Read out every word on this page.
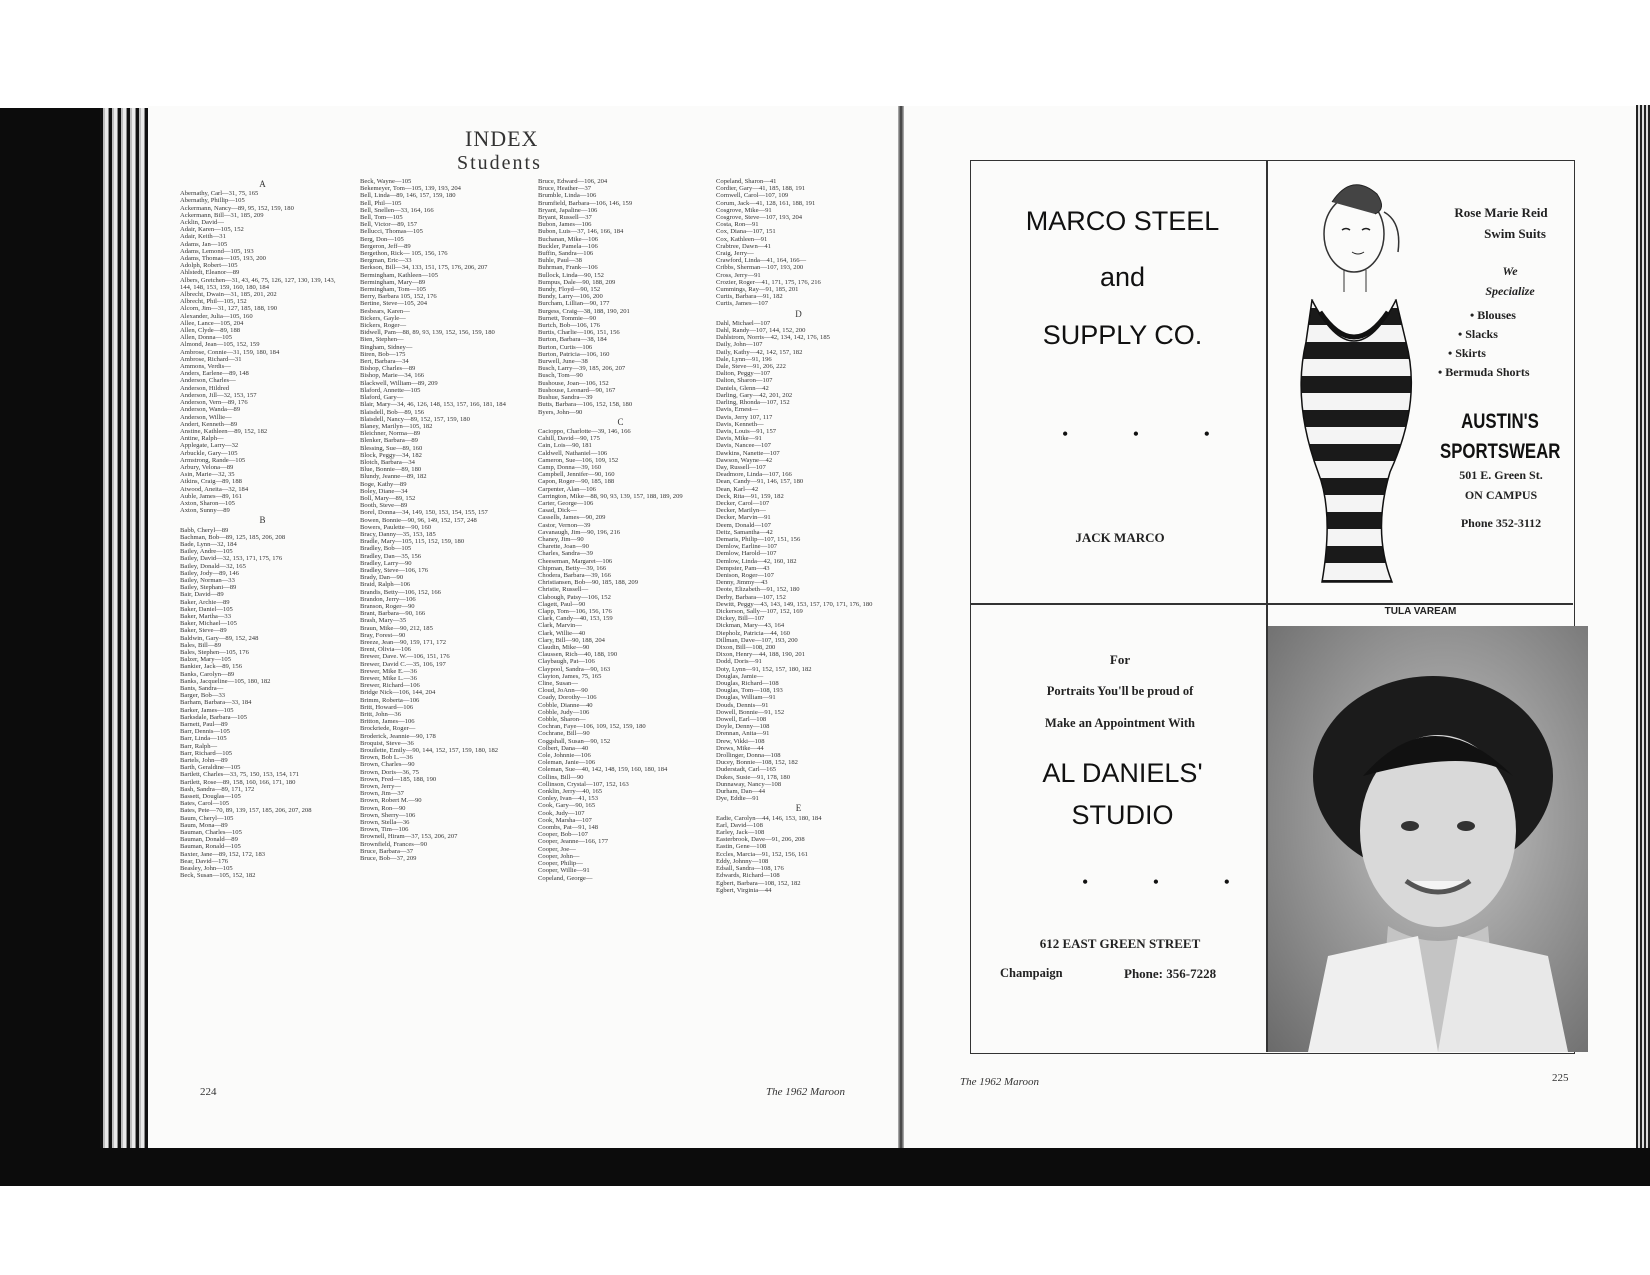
INDEX
Students
A
Abernathy, Carl—31, 75, 165
Abernathy, Phillip—105
Ackermann, Nancy—89, 95, 152, 159, 180
Ackermann, Bill—31, 185, 209
Acklin, David—
Adair, Karen—105, 152
Adair, Keith—31
Adams, Jan—105
Adams, Lemond—105, 193
Adams, Thomas—105, 193, 200
Adolph, Robert—105
Ahlstedt, Eleanor—89
Albers, Gretchen—31, 43, 46, 75, 126, 127, 130, 139, 143, 144, 148, 153, 159, 160, 180, 184
Albrecht, Dwain—31, 185, 201, 202
Albrecht, Phil—105, 152
Alcorn, Jim—31, 127, 185, 188, 190
Alexander, Julia—105, 160
Allee, Lance—105, 204
Allen, Clyde—89, 188
Allen, Donna—105
Almond, Jean—105, 152, 159
Ambrose, Connie—31, 159, 180, 184
Ambrose, Richard—31
Ammons, Verdis—
Anders, Earlene—89, 148
Anderson, Charles—
Anderson, Hildred
Anderson, Jill—32, 153, 157
Anderson, Vern—89, 176
Anderson, Wanda—89
Anderson, Willie—
Andert, Kenneth—89
Anstine, Kathleen—89, 152, 182
Antine, Ralph—
Applegate, Larry—32
Arbuckle, Gary—105
Armstrong, Rande—105
Arbury, Velona—89
Asin, Marie—32, 35
Atkins, Craig—89, 188
Atwood, Aneita—32, 184
Auble, James—89, 161
Axton, Sharon—105
Axton, Sunny—89
B
Babb, Cheryl—89
Bachman, Bob—89, 125, 185, 206, 208
Bade, Lynn—32, 184
Bailey, Andre—105
Bailey, David—32, 153, 171, 175, 176
Bailey, Donald—32, 165
Bailey, Jody—89, 146
Bailey, Norman—33
Bailey, Stephani—89
Bair, David—89
Baker, Archie—89
Baker, Daniel—105
Baker, Martha—33
Baker, Michael—105
Baker, Steve—89
Baldwin, Gary—89, 152, 248
Bales, Bill—89
Bales, Stephen—105, 176
Balzer, Mary—105
Bankier, Jack—89, 156
Banks, Carolyn—89
Banks, Jacqueline—105, 180, 182
Bants, Sandra—
Barger, Bob—33
Barham, Barbara—33, 184
Barker, James—105
Barksdale, Barbara—105
Barnett, Paul—89
Barr, Dennis—105
Barr, Linda—105
Barr, Ralph—
Barr, Richard—105
Bartels, John—89
Barth, Geraldine—105
Bartlett, Charles—33, 75, 150, 153, 154, 171
Bartlett, Rose—89, 158, 160, 166, 171, 180
Bash, Sandra—89, 171, 172
Bassett, Douglas—105
Bates, Carol—105
Bates, Pete—70, 89, 139, 157, 185, 206, 207, 208
Baum, Cheryl—105
Baum, Mona—89
Bauman, Charles—105
Bauman, Donald—89
Bauman, Ronald—105
Baxter, Jane—89, 152, 172, 183
Bear, David—176
Beasley, John—105
Beck, Susan—105, 152, 182
Beck, Wayne—105
Bekemeyer, Tom—105, 139, 193, 204
Bell, Linda—89, 146, 157, 159, 180
Bell, Phil—105
Bell, Snellen—33, 164, 166
Bell, Tom—105
Bell, Victor—89, 157
Bellucci, Thomas—105
Berg, Don—105
Bergeron, Jeff—89
Bergethon, Rick— 105, 156, 176
Bergman, Eric—33
Berkson, Bill—34, 133, 151, 175, 176, 206, 207
Bermingham, Kathleen—105
Bermingham, Mary—89
Bermingham, Tom—105
Berry, Barbara 105, 152, 176
Bertine, Steve—105, 204
Besbears, Karen—
Bickers, Gayle—
Bickers, Roger—
Bidwell, Pam—88, 89, 93, 139, 152, 156, 159, 180
Bien, Stephen—
Bingham, Sidney—
Biren, Bob—175
Bert, Barbara—34
Bishop, Charles—89
Bishop, Marie—34, 166
Blackwell, William—89, 209
Blaford, Annette—105
Blaford, Gary—
Blair, Mary—34, 46, 126, 148, 153, 157, 166, 181, 184
Blaisdell, Bob—89, 156
Blaisdell, Nancy—89, 152, 157, 159, 180
Blaney, Marilyn—105, 182
Bleichner, Norma—89
Blenker, Barbara—89
Blessing, Sue—89, 160
Block, Peggy—34, 182
Blotch, Barbara—34
Blue, Bonnie—89, 180
Blundy, Jeanne—89, 182
Boge, Kathy—89
Boley, Diane—34
Boll, Mary—89, 152
Booth, Steve—89
Borel, Donna—34, 149, 150, 153, 154, 155, 157
Bowen, Bonnie—90, 96, 149, 152, 157, 248
Bowers, Paulette—90, 160
Bracy, Danny—35, 153, 185
Bradle, Mary—105, 115, 152, 159, 180
Bradley, Bob—105
Bradley, Dan—35, 156
Bradley, Larry—90
Bradley, Steve—106, 176
Brady, Dan—90
Braid, Ralph—106
Brandis, Betty—106, 152, 166
Brandon, Jerry—106
Branson, Roger—90
Brant, Barbara—90, 166
Brash, Mary—35
Braun, Mike—90, 212, 185
Bray, Forest—90
Breeze, Jean—90, 159, 171, 172
Brent, Olivia—106
Brewer, Dave. W.—106, 151, 176
Brewer, David C.—35, 106, 197
Brewer, Mike E.—36
Brewer, Mike L.—36
Brewer, Richard—106
Bridge Nick—106, 144, 204
Brimm, Roberta—106
Britt, Howard—106
Britt, John—36
Britton, James—106
Brockriede, Roger—
Broderick, Jeannie—90, 178
Broquist, Steve—36
Brouilette, Emily—90, 144, 152, 157, 159, 180, 182
Brown, Bob L.—36
Brown, Charles—90
Brown, Doris—36, 75
Brown, Fred—185, 188, 190
Brown, Jerry—
Brown, Jim—37
Brown, Robert M.—90
Brown, Ron—90
Brown, Sherry—106
Brown, Stella—36
Brown, Tim—106
Brownell, Hiram—37, 153, 206, 207
Brownfield, Frances—90
Bruce, Barbara—37
Bruce, Bob—37, 209
Bruce, Edward—106, 204
Bruce, Heather—37
Brumble, Linda—106
Brumfield, Barbara—106, 146, 159
Bryant, Japaline—106
Bryant, Russell—37
Bubon, James—106
Bubon, Luis—37, 146, 166, 184
Buchanan, Mike—106
Buckler, Pamela—106
Buffin, Sandra—106
Buhle, Paul—38
Buhrman, Frank—106
Bullock, Linda—90, 152
Bumpus, Dale—90, 188, 209
Bundy, Floyd—90, 152
Bundy, Larry—106, 200
Burcham, Lillian—90, 177
Burgess, Craig—38, 188, 190, 201
Burnett, Tommie—90
Burtch, Bob—106, 176
Burtis, Charlie—106, 151, 156
Burton, Barbara—38, 184
Burton, Curtis—106
Burton, Patricia—106, 160
Burwell, June—38
Busch, Larry—39, 185, 206, 207
Busch, Tom—90
Bushouse, Joan—106, 152
Bushouse, Leonard—90, 167
Bushue, Sandra—39
Butts, Barbara—106, 152, 158, 180
Byers, John—90
C
Cacioppo, Charlotte—39, 146, 166
Cahill, David—90, 175
Cain, Lois—90, 181
Caldwell, Nathaniel—106
Cameron, Sue—106, 109, 152
Camp, Donna—39, 160
Campbell, Jennifer—90, 160
Capon, Roger—90, 185, 188
Carpenter, Alan—106
Carrington, Mike—88, 90, 93, 139, 157, 188, 189, 209
Carter, George—106
Casad, Dick—
Cassells, James—90, 209
Castor, Vernon—39
Cavanaugh, Jim—90, 196, 216
Chaney, Jim—90
Charette, Joan—90
Charles, Sandra—39
Cheeseman, Margaret—106
Chipman, Betty—39, 166
Chodera, Barbara—39, 166
Christiansen, Bob—90, 185, 188, 209
Christie, Russell—
Clabough, Patsy—106, 152
Clagett, Paul—90
Clapp, Tom—106, 156, 176
Clark, Candy—40, 153, 159
Clark, Marvin—
Clark, Willie—40
Clary, Bill—90, 188, 204
Claudin, Mike—90
Claussen, Rich—40, 188, 190
Claybaugh, Pat—106
Claypool, Sandra—90, 163
Clayton, James, 75, 165
Cline, Susan—
Cloud, JoAnn—90
Coady, Dorothy—106
Cobble, Dianne—40
Cobble, Judy—106
Cobble, Sharon—
Cochran, Faye—106, 109, 152, 159, 180
Cochrane, Bill—90
Coggshall, Susan—90, 152
Colbert, Dana—40
Cole, Johnnie—106
Coleman, Janie—106
Coleman, Sue—40, 142, 148, 159, 160, 180, 184
Collins, Bill—90
Collinson, Crystal—107, 152, 163
Conklin, Jerry—40, 165
Conley, Ivan—41, 153
Cook, Gary—90, 165
Cook, Judy—107
Cook, Marsha—107
Coombs, Pat—91, 148
Cooper, Bob—107
Cooper, Jeanne—166, 177
Cooper, Joe—
Cooper, John—
Cooper, Philip—
Cooper, Willie—91
Copeland, George—
Copeland, Sharon—41
Cordier, Gary—41, 185, 188, 191
Cornwell, Carol—107, 109
Corum, Jack—41, 128, 161, 188, 191
Cosgrove, Mike—91
Cosgrove, Steve—107, 193, 204
Costa, Ron—91
Cox, Diana—107, 151
Cox, Kathleen—91
Crabtree, Dawn—41
Craig, Jerry—
Crawford, Linda—41, 164, 166—
Cribbs, Sherman—107, 193, 200
Cross, Jerry—91
Crozier, Roger—41, 171, 175, 176, 216
Cummings, Ray—91, 185, 201
Curtis, Barbara—91, 182
Curtis, James—107
D
Dahl, Michael—107
Dahl, Randy—107, 144, 152, 200
Dahlstrom, Norris—42, 134, 142, 176, 185
Daily, John—107
Daily, Kathy—42, 142, 157, 182
Dale, Lynn—91, 196
Dale, Steve—91, 206, 222
Dalton, Peggy—107
Dalton, Sharon—107
Daniels, Glenn—42
Darling, Gary—42, 201, 202
Darling, Rhonda—107, 152
Davis, Ernest—
Davis, Jerry 107, 117
Davis, Kenneth—
Davis, Louis—91, 157
Davis, Mike—91
Davis, Nancee—107
Dawkins, Nanette—107
Dawson, Wayne—42
Day, Russell—107
Deadmore, Linda—107, 166
Dean, Candy—91, 146, 157, 180
Dean, Karl—42
Deck, Rita—91, 159, 182
Decker, Carol—107
Decker, Marilyn—
Decker, Marvin—91
Deem, Donald—107
Deitz, Samantha—42
Demaris, Philip—107, 151, 156
Demlow, Earline—107
Demlow, Harold—107
Demlow, Linda—42, 160, 182
Dempster, Pam—43
Denison, Roger—107
Denny, Jimmy—43
Deote, Elizabeth—91, 152, 180
Derby, Barbara—107, 152
Dewitt, Peggy—43, 143, 149, 153, 157, 170, 171, 176, 180
Dickerson, Sally—107, 152, 169
Dickey, Bill—107
Dickman, Mary—43, 164
Diepholz, Patricia—44, 160
Dillman, Dave—107, 193, 200
Dixon, Bill—108, 200
Dixon, Henry—44, 188, 190, 201
Dodd, Doris—91
Doty, Lynn—91, 152, 157, 180, 182
Douglas, Jamie—
Douglas, Richard—108
Douglas, Tom—108, 193
Douglas, William—91
Douds, Dennis—91
Dowell, Bonnie—91, 152
Dowell, Earl—108
Doyle, Denny—108
Drennan, Anita—91
Drew, Vikki—108
Drews, Mike—44
Drollinger, Donna—108
Ducey, Bonnie—108, 152, 182
Duderstadt, Carl—165
Dukes, Susie—91, 178, 180
Dunnaway, Nancy—108
Durham, Dan—44
Dye, Eddie—91
E
Eadie, Carolyn—44, 146, 153, 180, 184
Earl, David—108
Earley, Jack—108
Easterbrook, Dave—91, 206, 208
Eastin, Gene—108
Eccles, Marcia—91, 152, 156, 161
Eddy, Johnny—108
Edsall, Sandra—108, 176
Edwards, Richard—108
Egbert, Barbara—108, 152, 182
Egbert, Virginia—44
224	The 1962 Maroon
The 1962 Maroon	225
MARCO STEEL
and
SUPPLY CO.
• • •
JACK MARCO
Rose Marie Reid
Swim Suits
We
Specialize
• Blouses
• Slacks
• Skirts
• Bermuda Shorts
AUSTIN'S
SPORTSWEAR
501 E. Green St.
ON CAMPUS
Phone 352-3112
For
Portraits You'll be proud of
Make an Appointment With
AL DANIELS'
STUDIO
• • •
612 EAST GREEN STREET
Champaign	Phone: 356-7228
TULA VAREAM
